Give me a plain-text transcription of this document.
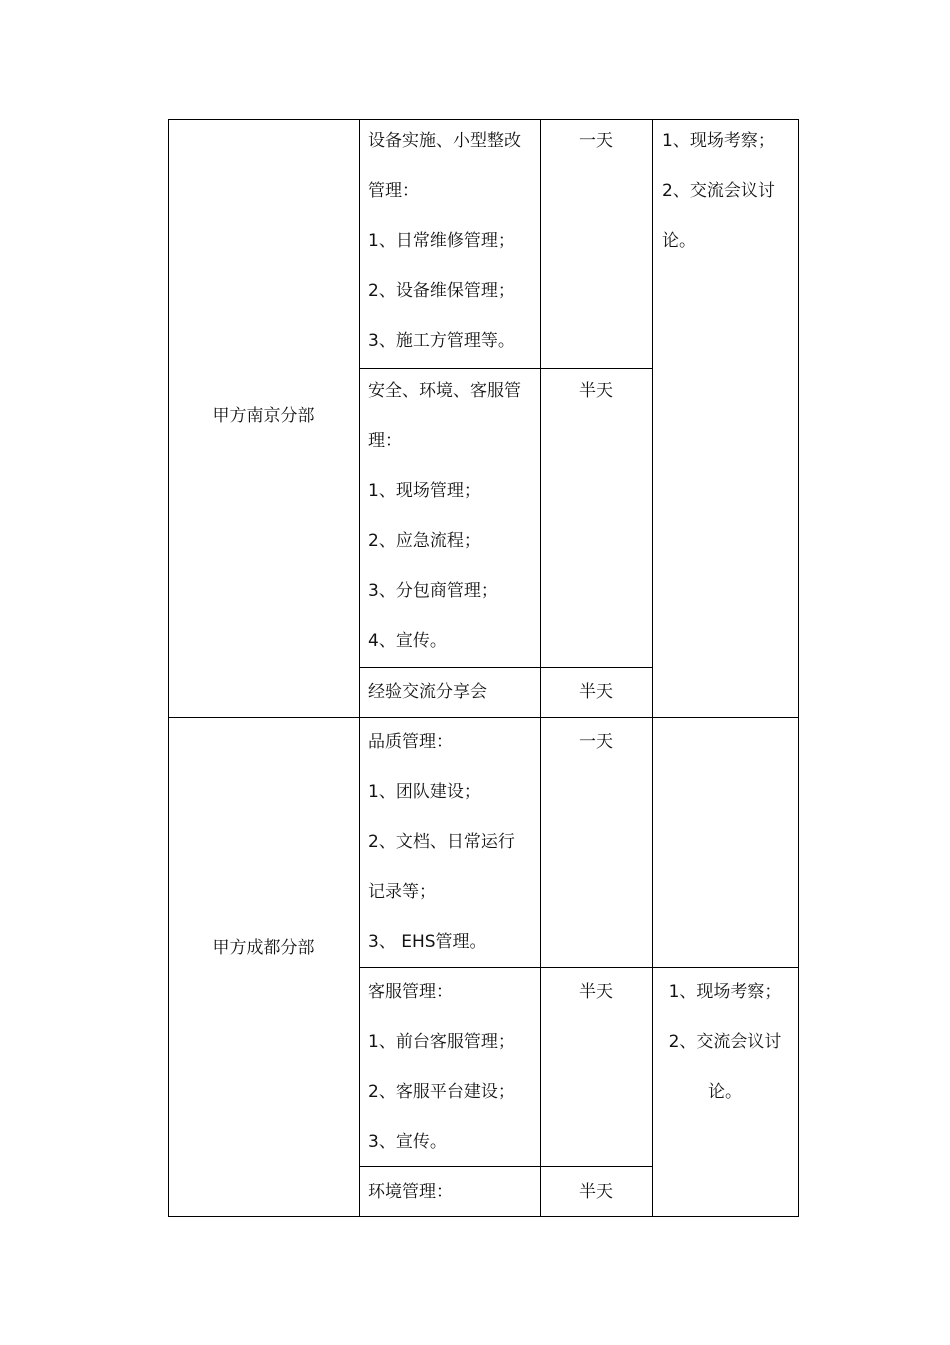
甲方南京分部

设备实施、小型整改

管理：

1、日常维修管理；

2、设备维保管理；

3、施工方管理等。

一天

安全、环境、客服管

理：

1、现场管理；

2、应急流程；

3、分包商管理；

4、宣传。

半天

经验交流分享会	半天

1、现场考察；

2、交流会议讨

论。

甲方成都分部

品质管理：

1、团队建设；

2、文档、日常运行

记录等；

3、 EHS管理。

一天

客服管理：

1、前台客服管理；

2、客服平台建设；

3、宣传。

半天

环境管理：	半天

1、现场考察；

2、交流会议讨

论。
